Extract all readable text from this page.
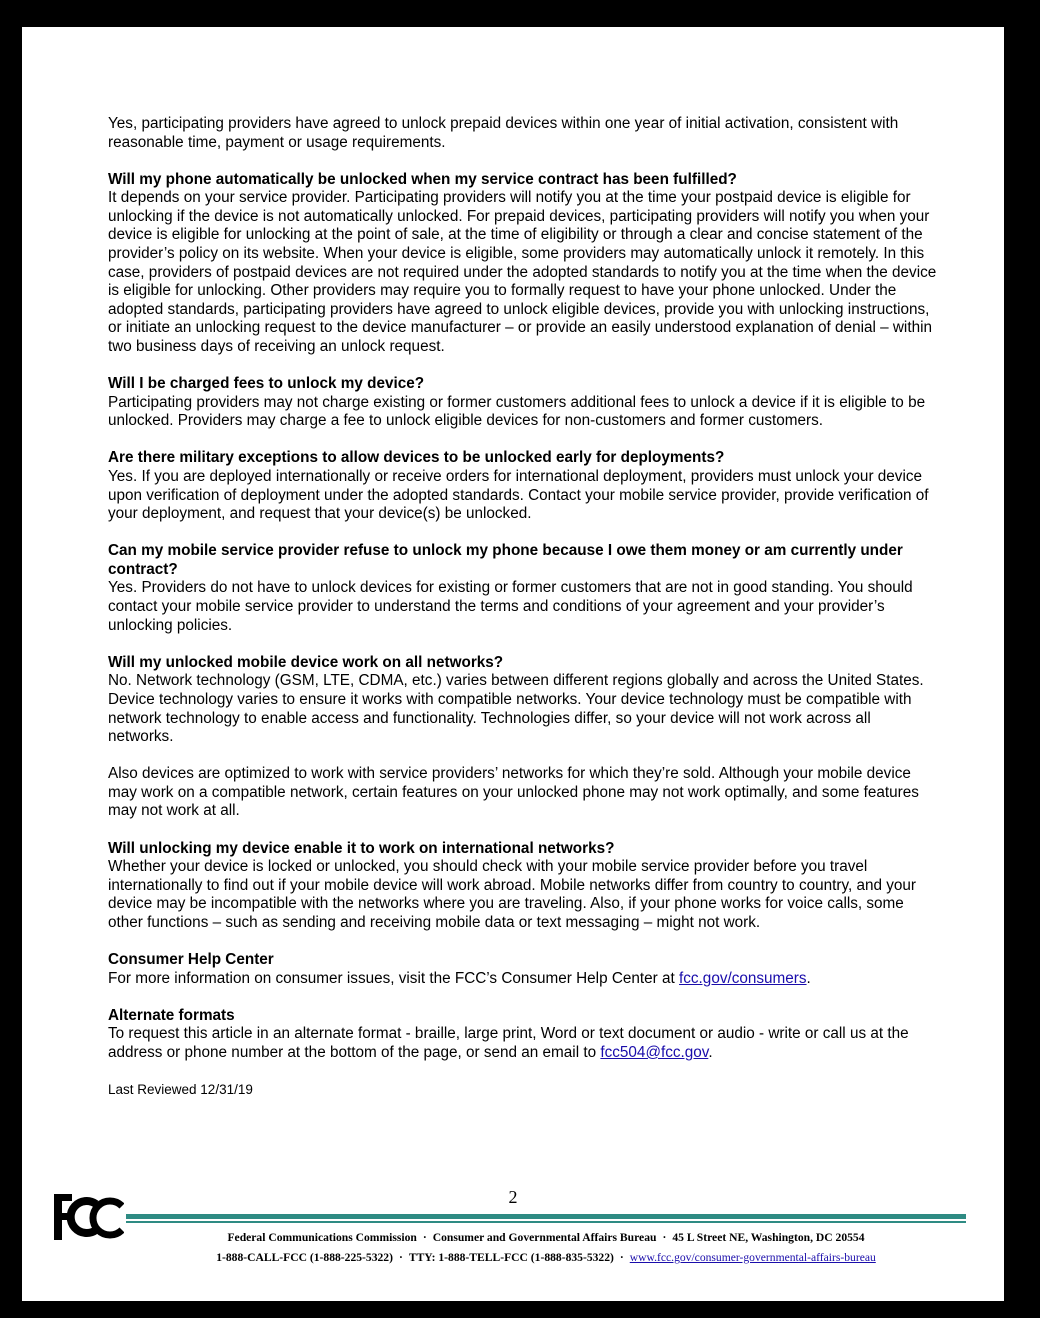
Yes, participating providers have agreed to unlock prepaid devices within one year of initial activation, consistent with reasonable time, payment or usage requirements.

Will my phone automatically be unlocked when my service contract has been fulfilled?
It depends on your service provider. Participating providers will notify you at the time your postpaid device is eligible for unlocking if the device is not automatically unlocked. For prepaid devices, participating providers will notify you when your device is eligible for unlocking at the point of sale, at the time of eligibility or through a clear and concise statement of the provider’s policy on its website. When your device is eligible, some providers may automatically unlock it remotely. In this case, providers of postpaid devices are not required under the adopted standards to notify you at the time when the device is eligible for unlocking. Other providers may require you to formally request to have your phone unlocked. Under the adopted standards, participating providers have agreed to unlock eligible devices, provide you with unlocking instructions, or initiate an unlocking request to the device manufacturer – or provide an easily understood explanation of denial – within two business days of receiving an unlock request.
Will I be charged fees to unlock my device?
Participating providers may not charge existing or former customers additional fees to unlock a device if it is eligible to be unlocked. Providers may charge a fee to unlock eligible devices for non-customers and former customers.
Are there military exceptions to allow devices to be unlocked early for deployments?
Yes. If you are deployed internationally or receive orders for international deployment, providers must unlock your device upon verification of deployment under the adopted standards. Contact your mobile service provider, provide verification of your deployment, and request that your device(s) be unlocked.
Can my mobile service provider refuse to unlock my phone because I owe them money or am currently under contract?
Yes. Providers do not have to unlock devices for existing or former customers that are not in good standing. You should contact your mobile service provider to understand the terms and conditions of your agreement and your provider’s unlocking policies.
Will my unlocked mobile device work on all networks?
No. Network technology (GSM, LTE, CDMA, etc.) varies between different regions globally and across the United States. Device technology varies to ensure it works with compatible networks. Your device technology must be compatible with network technology to enable access and functionality. Technologies differ, so your device will not work across all networks.

Also devices are optimized to work with service providers’ networks for which they’re sold. Although your mobile device may work on a compatible network, certain features on your unlocked phone may not work optimally, and some features may not work at all.

Will unlocking my device enable it to work on international networks?
Whether your device is locked or unlocked, you should check with your mobile service provider before you travel internationally to find out if your mobile device will work abroad. Mobile networks differ from country to country, and your device may be incompatible with the networks where you are traveling. Also, if your phone works for voice calls, some other functions – such as sending and receiving mobile data or text messaging – might not work.
Consumer Help Center
For more information on consumer issues, visit the FCC’s Consumer Help Center at fcc.gov/consumers.
Alternate formats
To request this article in an alternate format - braille, large print, Word or text document or audio - write or call us at the address or phone number at the bottom of the page, or send an email to fcc504@fcc.gov.
Last Reviewed 12/31/19
2
Federal Communications Commission · Consumer and Governmental Affairs Bureau · 45 L Street NE, Washington, DC 20554
1-888-CALL-FCC (1-888-225-5322) · TTY: 1-888-TELL-FCC (1-888-835-5322) · www.fcc.gov/consumer-governmental-affairs-bureau
